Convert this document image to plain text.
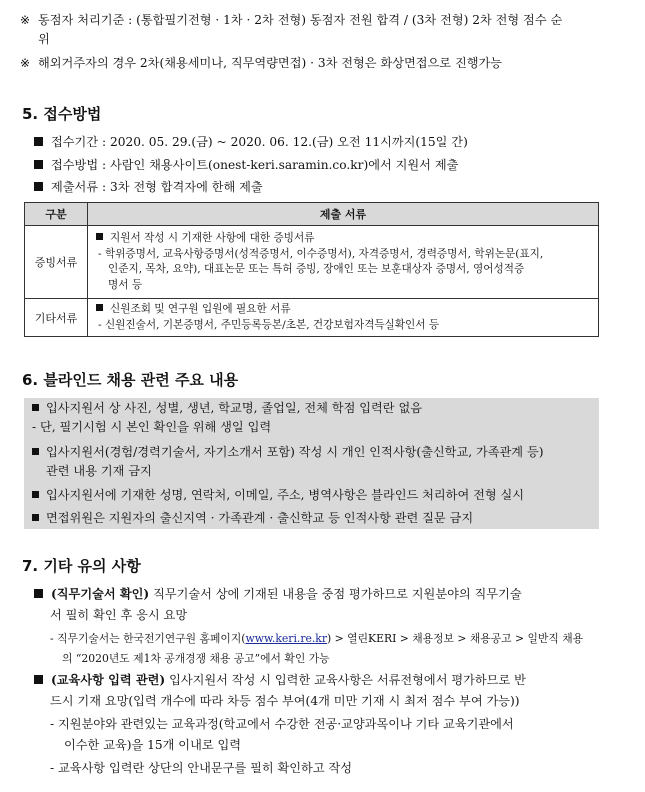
※ 동점자 처리기준 : (통합필기전형 · 1차 · 2차 전형) 동점자 전원 합격 / (3차 전형) 2차 전형 점수 순
위
※ 해외거주자의 경우 2차(채용세미나, 직무역량면접) · 3차 전형은 화상면접으로 진행가능
5. 접수방법
접수기간 : 2020. 05. 29.(금) ~ 2020. 06. 12.(금) 오전 11시까지(15일 간)
접수방법 : 사람인 채용사이트(onest-keri.saramin.co.kr)에서 지원서 제출
제출서류 : 3차 전형 합격자에 한해 제출
구분	제출 서류
증빙서류	지원서 작성 시 기재한 사항에 대한 증빙서류
- 학위증명서, 교육사항증명서(성적증명서, 이수증명서), 자격증명서, 경력증명서, 학위논문(표지,
인준지, 목차, 요약), 대표논문 또는 특허 증빙, 장애인 또는 보훈대상자 증명서, 영어성적증
명서 등

기타서류	신원조회 및 연구원 입원에 필요한 서류
- 신원진술서, 기본증명서, 주민등록등본/초본, 건강보험자격득실확인서 등
6. 블라인드 채용 관련 주요 내용
입사지원서 상 사진, 성별, 생년, 학교명, 졸업일, 전체 학점 입력란 없음
- 단, 필기시험 시 본인 확인을 위해 생일 입력
입사지원서(경험/경력기술서, 자기소개서 포함) 작성 시 개인 인적사항(출신학교, 가족관계 등)
관련 내용 기재 금지
입사지원서에 기재한 성명, 연락처, 이메일, 주소, 병역사항은 블라인드 처리하여 전형 실시
면접위원은 지원자의 출신지역 · 가족관계 · 출신학교 등 인적사항 관련 질문 금지
7. 기타 유의 사항
(직무기술서 확인) 직무기술서 상에 기재된 내용을 중점 평가하므로 지원분야의 직무기술
서 필히 확인 후 응시 요망
- 직무기술서는 한국전기연구원 홈페이지(www.keri.re.kr) > 열린KERI > 채용정보 > 채용공고 > 일반직 채용
의 “2020년도 제1차 공개경쟁 채용 공고”에서 확인 가능
(교육사항 입력 관련) 입사지원서 작성 시 입력한 교육사항은 서류전형에서 평가하므로 반
드시 기재 요망(입력 개수에 따라 차등 점수 부여(4개 미만 기재 시 최저 점수 부여 가능))
- 지원분야와 관련있는 교육과정(학교에서 수강한 전공·교양과목이나 기타 교육기관에서
이수한 교육)을 15개 이내로 입력
- 교육사항 입력란 상단의 안내문구를 필히 확인하고 작성
